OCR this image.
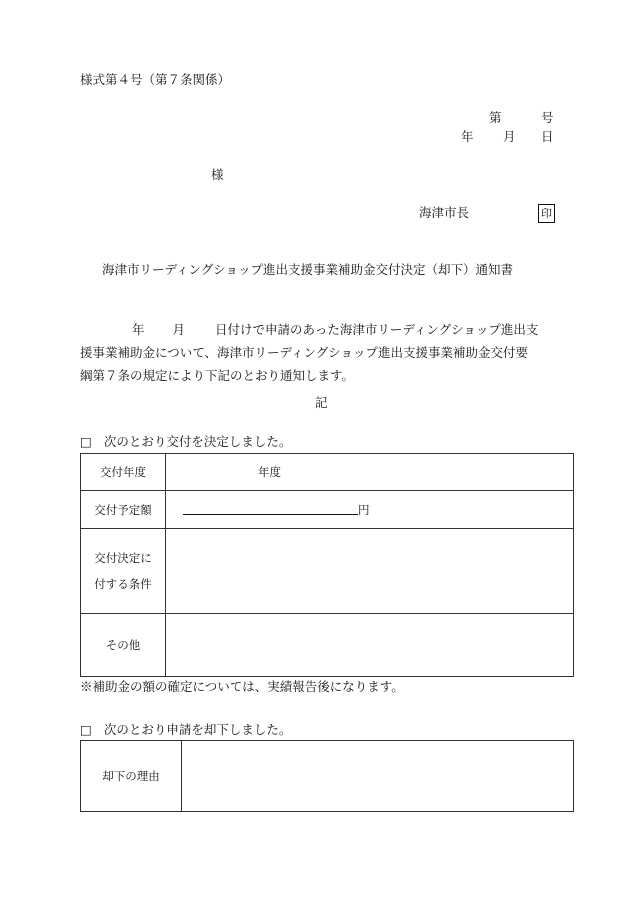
様式第４号（第７条関係）
第	号
年 月 日
様
海津市長	印
海津市リーディングショップ進出支援事業補助金交付決定（却下）通知書
年 月 日付けで申請のあった海津市リーディングショップ進出支
援事業補助金について、海津市リーディングショップ進出支援事業補助金交付要
綱第７条の規定により下記のとおり通知します。
記
□ 次のとおり交付を決定しました。
交付年度	年度
交付予定額	円
交付決定に
付する条件	
その他	
※補助金の額の確定については、実績報告後になります。
□ 次のとおり申請を却下しました。
却下の理由	
